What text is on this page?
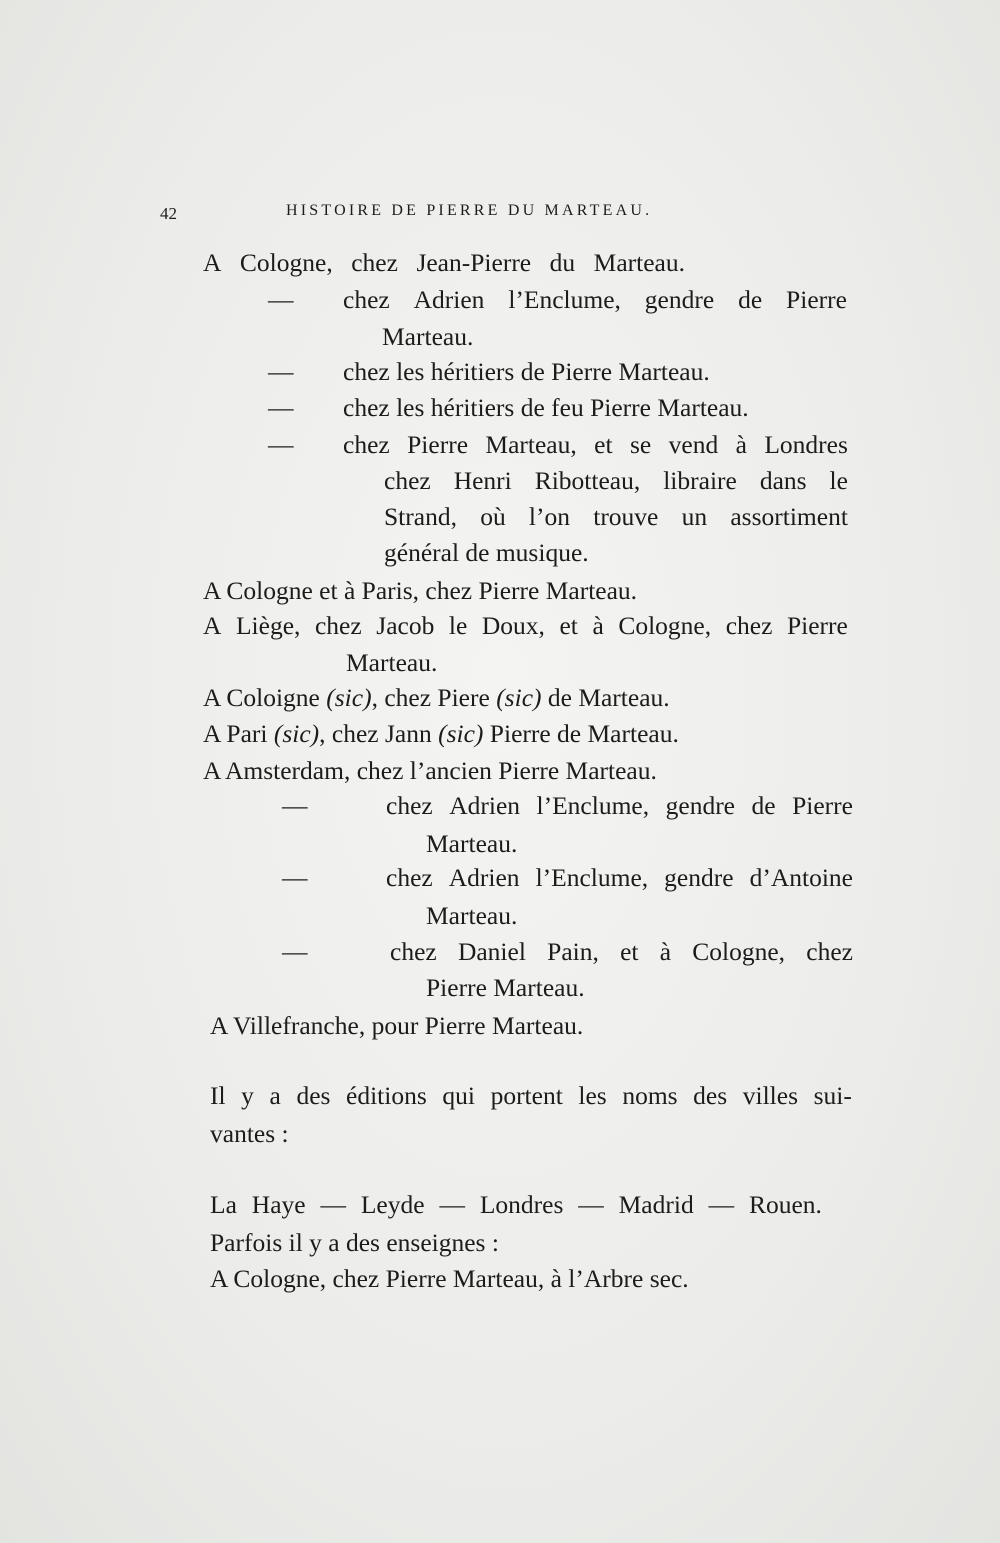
42	HISTOIRE DE PIERRE DU MARTEAU.
A Cologne, chez Jean-Pierre du Marteau.
— chez Adrien l’Enclume, gendre de Pierre
Marteau.
— chez les héritiers de Pierre Marteau.
— chez les héritiers de feu Pierre Marteau.
— chez Pierre Marteau, et se vend à Londres
chez Henri Ribotteau, libraire dans le
Strand, où l’on trouve un assortiment
général de musique.
A Cologne et à Paris, chez Pierre Marteau.
A Liège, chez Jacob le Doux, et à Cologne, chez Pierre
Marteau.
A Coloigne (sic), chez Piere (sic) de Marteau.
A Pari (sic), chez Jann (sic) Pierre de Marteau.
A Amsterdam, chez l’ancien Pierre Marteau.
—	chez Adrien l’Enclume, gendre de Pierre
Marteau.
—	chez Adrien l’Enclume, gendre d’Antoine
Marteau.
—	chez Daniel Pain, et à Cologne, chez
Pierre Marteau.
A Villefranche, pour Pierre Marteau.
Il y a des éditions qui portent les noms des villes sui-
vantes :
La Haye — Leyde — Londres — Madrid — Rouen.
Parfois il y a des enseignes :
A Cologne, chez Pierre Marteau, à l’Arbre sec.
